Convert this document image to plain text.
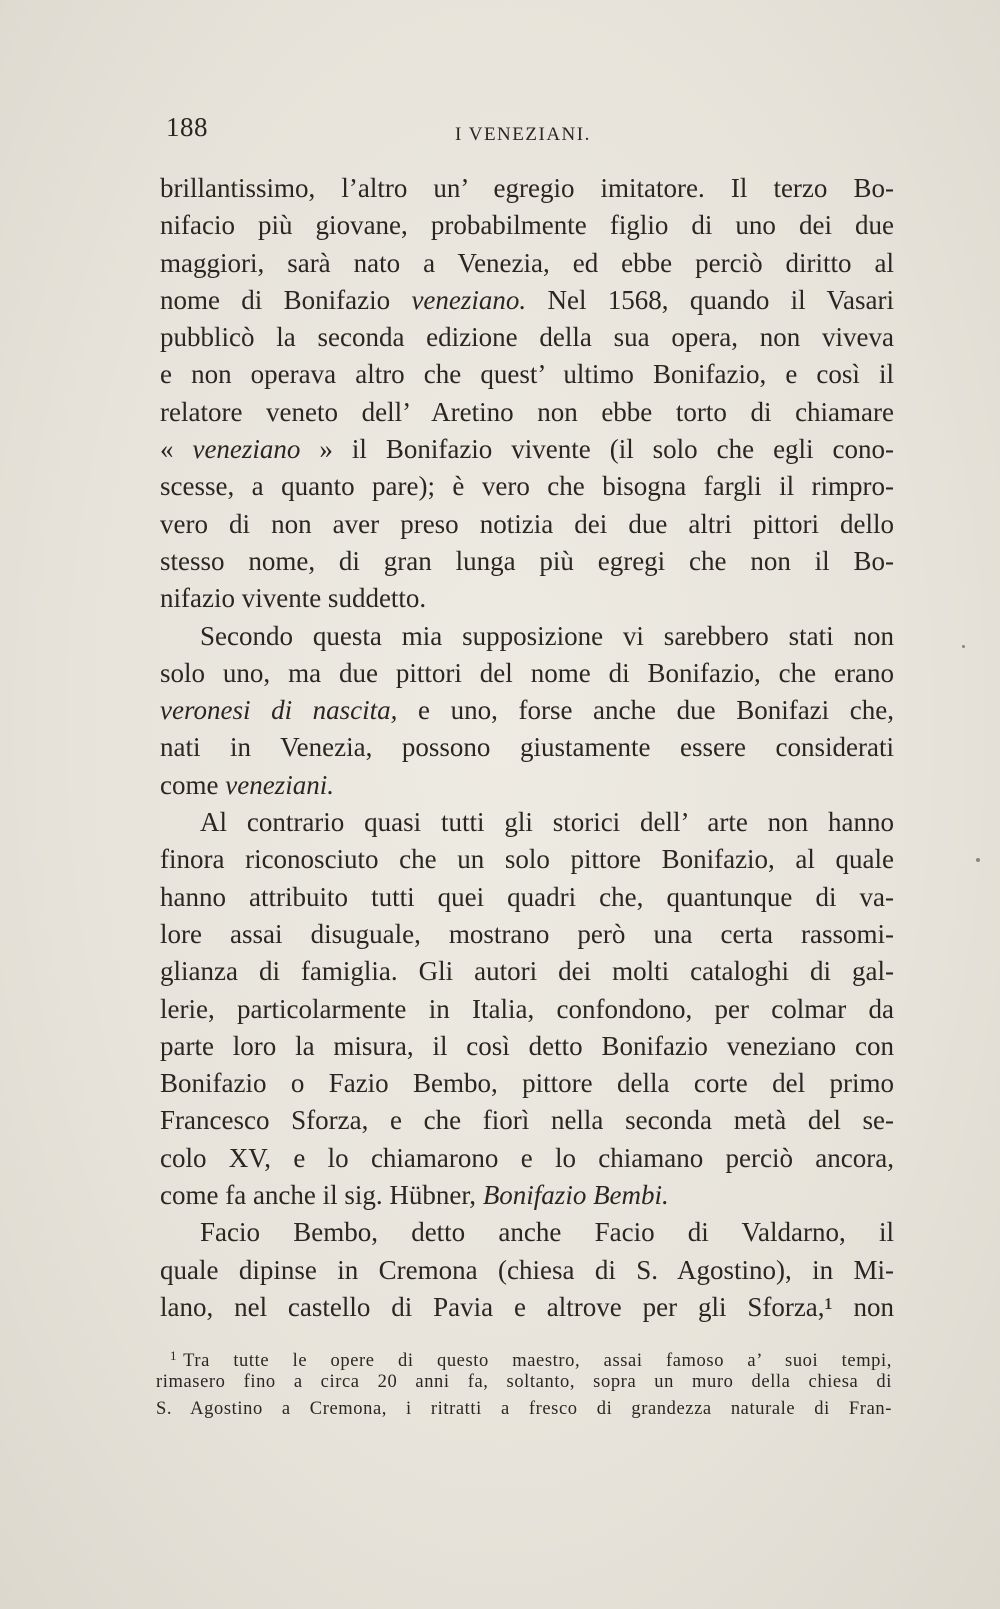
188	I VENEZIANI.
brillantissimo, l’altro un’ egregio imitatore. Il terzo Bo-
nifacio più giovane, probabilmente figlio di uno dei due
maggiori, sarà nato a Venezia, ed ebbe perciò diritto al
nome di Bonifazio veneziano. Nel 1568, quando il Vasari
pubblicò la seconda edizione della sua opera, non viveva
e non operava altro che quest’ ultimo Bonifazio, e così il
relatore veneto dell’ Aretino non ebbe torto di chiamare
« veneziano » il Bonifazio vivente (il solo che egli cono-
scesse, a quanto pare); è vero che bisogna fargli il rimpro-
vero di non aver preso notizia dei due altri pittori dello
stesso nome, di gran lunga più egregi che non il Bo-
nifazio vivente suddetto.
Secondo questa mia supposizione vi sarebbero stati non
solo uno, ma due pittori del nome di Bonifazio, che erano
veronesi di nascita, e uno, forse anche due Bonifazi che,
nati in Venezia, possono giustamente essere considerati
come veneziani.
Al contrario quasi tutti gli storici dell’ arte non hanno
finora riconosciuto che un solo pittore Bonifazio, al quale
hanno attribuito tutti quei quadri che, quantunque di va-
lore assai disuguale, mostrano però una certa rassomi-
glianza di famiglia. Gli autori dei molti cataloghi di gal-
lerie, particolarmente in Italia, confondono, per colmar da
parte loro la misura, il così detto Bonifazio veneziano con
Bonifazio o Fazio Bembo, pittore della corte del primo
Francesco Sforza, e che fiorì nella seconda metà del se-
colo XV, e lo chiamarono e lo chiamano perciò ancora,
come fa anche il sig. Hübner, Bonifazio Bembi.
Facio Bembo, detto anche Facio di Valdarno, il
quale dipinse in Cremona (chiesa di S. Agostino), in Mi-
lano, nel castello di Pavia e altrove per gli Sforza,¹ non
$^1$ Tra tutte le opere di questo maestro, assai famoso a’ suoi tempi,
rimasero fino a circa 20 anni fa, soltanto, sopra un muro della chiesa di
S. Agostino a Cremona, i ritratti a fresco di grandezza naturale di Fran-
